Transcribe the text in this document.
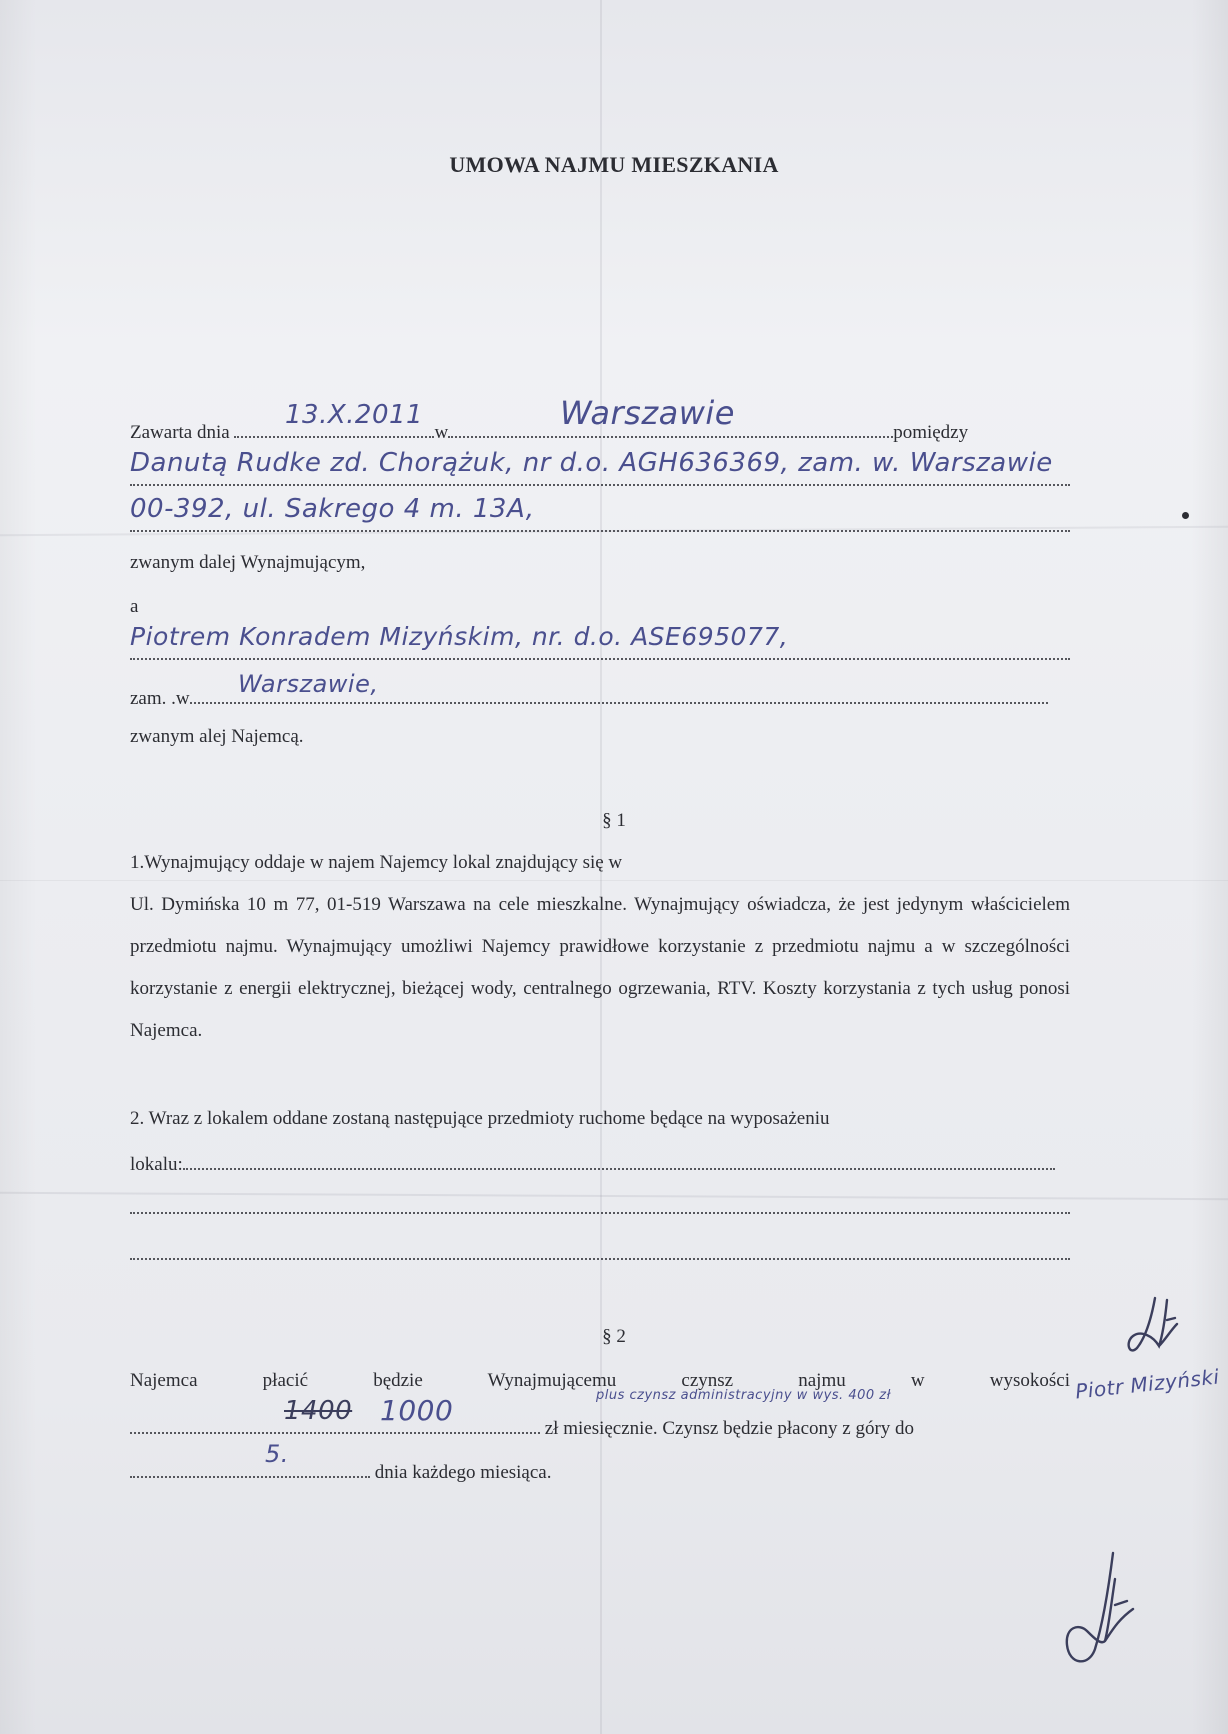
UMOWA NAJMU MIESZKANIA
Zawarta dnia	w	pomiędzy
13.X.2011	Warszawie
Danutą Rudke zd. Chorążuk, nr d.o. AGH636369, zam. w. Warszawie
00-392, ul. Sakrego 4 m. 13A,
zwanym dalej Wynajmującym,
a
Piotrem Konradem Mizyńskim, nr. d.o. ASE695077,
zam. .w
Warszawie,
zwanym alej Najemcą.
§ 1
1.Wynajmujący oddaje w najem Najemcy lokal znajdujący się w

Ul. Dymińska 10 m 77, 01-519 Warszawa na cele mieszkalne. Wynajmujący oświadcza, że jest jedynym właścicielem przedmiotu najmu. Wynajmujący umożliwi Najemcy prawidłowe korzystanie z przedmiotu najmu a w szczególności korzystanie z energii elektrycznej, bieżącej wody, centralnego ogrzewania, RTV. Koszty korzystania z tych usług ponosi Najemca.

2. Wraz z lokalem oddane zostaną następujące przedmioty ruchome będące na wyposażeniu
lokalu:
§ 2
Najemca płacić będzie Wynajmującemu czynsz najmu w wysokości
plus czynsz administracyjny w wys. 400 zł
zł miesięcznie. Czynsz będzie płacony z góry do
1400 1000
dnia każdego miesiąca.
5.
Piotr Mizyński
